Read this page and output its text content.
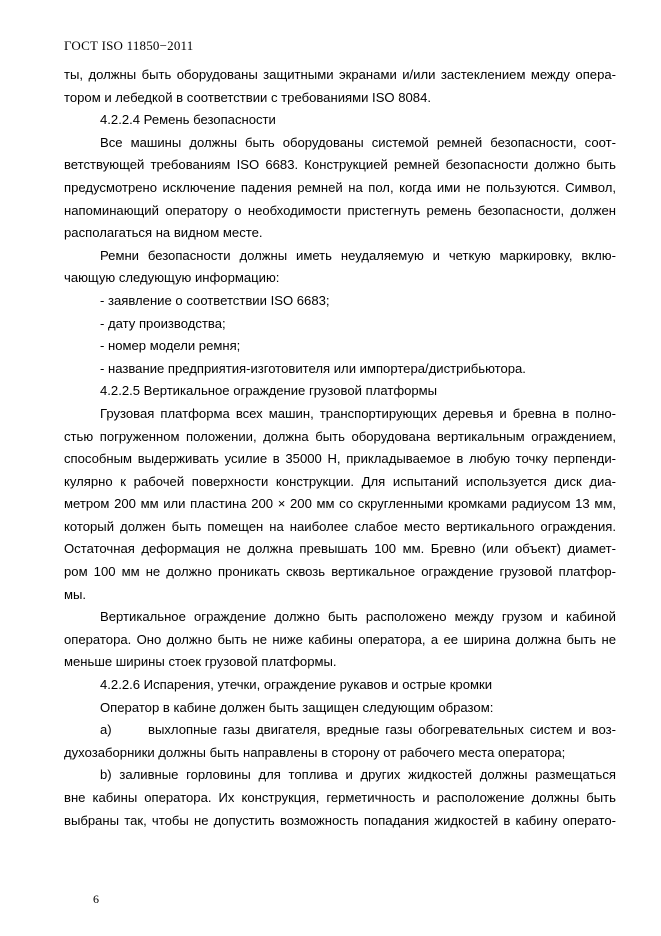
ГОСТ ISO 11850−2011
ты, должны быть оборудованы защитными экранами и/или застеклением между опера-
тором и лебедкой в соответствии с требованиями ISO 8084.
4.2.2.4 Ремень безопасности
Все машины должны быть оборудованы системой ремней безопасности, соот-
ветствующей требованиям ISO 6683. Конструкцией ремней безопасности должно быть
предусмотрено исключение падения ремней на пол, когда ими не пользуются. Символ,
напоминающий оператору о необходимости пристегнуть ремень безопасности, должен
располагаться на видном месте.
Ремни безопасности должны иметь неудаляемую и четкую маркировку, вклю-
чающую следующую информацию:
- заявление о соответствии ISO 6683;
- дату производства;
- номер модели ремня;
- название предприятия-изготовителя или импортера/дистрибьютора.
4.2.2.5 Вертикальное ограждение грузовой платформы
Грузовая платформа всех машин, транспортирующих деревья и бревна в полно-
стью погруженном положении, должна быть оборудована вертикальным ограждением,
способным выдерживать усилие в 35000 Н, прикладываемое в любую точку перпенди-
кулярно к рабочей поверхности конструкции. Для испытаний используется диск диа-
метром 200 мм или пластина 200 × 200 мм со скругленными кромками радиусом 13 мм,
который должен быть помещен на наиболее слабое место вертикального ограждения.
Остаточная деформация не должна превышать 100 мм. Бревно (или объект) диамет-
ром 100 мм не должно проникать сквозь вертикальное ограждение грузовой платфор-
мы.
Вертикальное ограждение должно быть расположено между грузом и кабиной
оператора. Оно должно быть не ниже кабины оператора, а ее ширина должна быть не
меньше ширины стоек грузовой платформы.
4.2.2.6 Испарения, утечки, ограждение рукавов и острые кромки
Оператор в кабине должен быть защищен следующим образом:
а)	выхлопные газы двигателя, вредные газы обогревательных систем и воз-
духозаборники должны быть направлены в сторону от рабочего места оператора;
b) заливные горловины для топлива и других жидкостей должны размещаться
вне кабины оператора. Их конструкция, герметичность и расположение должны быть
выбраны так, чтобы не допустить возможность попадания жидкостей в кабину операто-
6
